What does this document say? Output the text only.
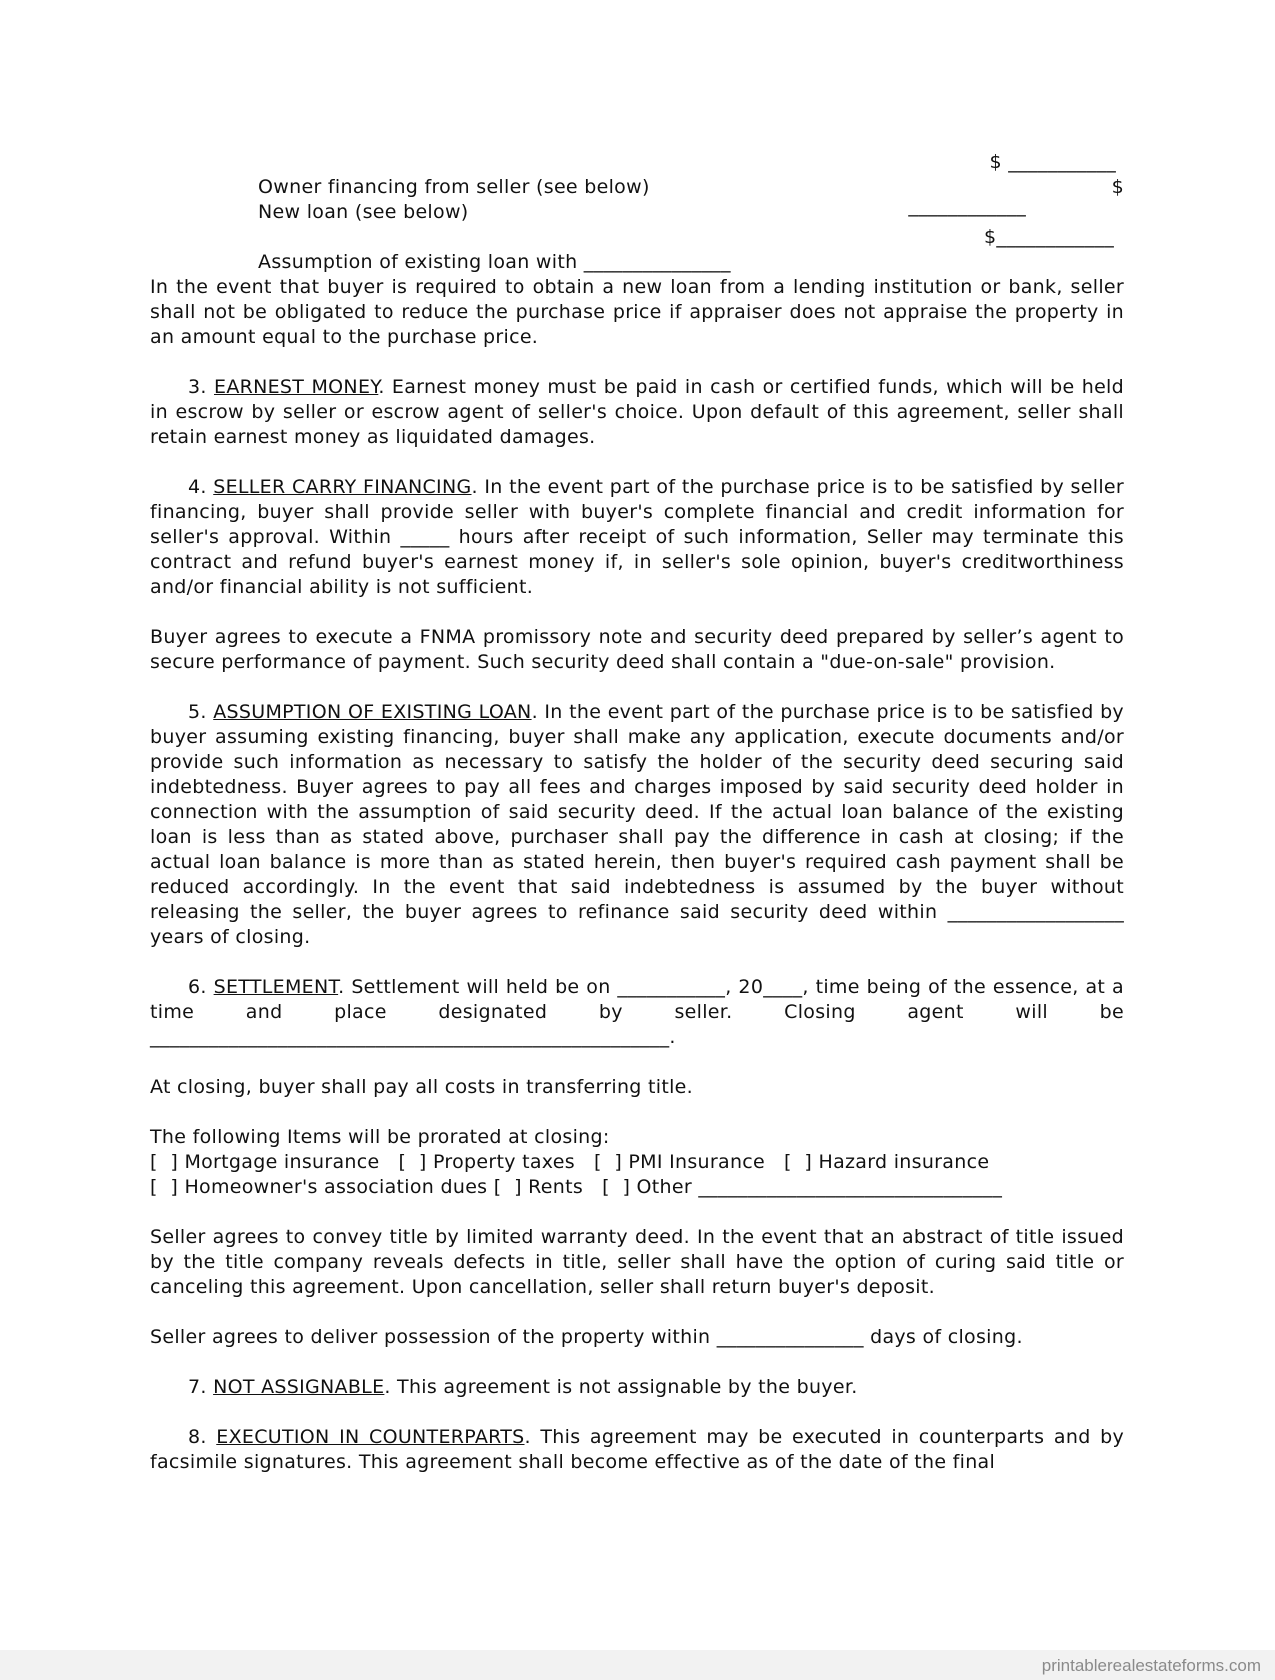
Owner financing from seller (see below)

$ ___________

New loan (see below)

$

____________

Assumption of existing loan with _______________

$____________

In the event that buyer is required to obtain a new loan from a lending institution or bank, seller shall not be obligated to reduce the purchase price if appraiser does not appraise the property in an amount equal to the purchase price.

3. EARNEST MONEY. Earnest money must be paid in cash or certified funds, which will be held in escrow by seller or escrow agent of seller's choice. Upon default of this agreement, seller shall retain earnest money as liquidated damages.

4. SELLER CARRY FINANCING. In the event part of the purchase price is to be satisfied by seller financing, buyer shall provide seller with buyer's complete financial and credit information for seller's approval. Within _____ hours after receipt of such information, Seller may terminate this contract and refund buyer's earnest money if, in seller's sole opinion, buyer's creditworthiness and/or financial ability is not sufficient.

Buyer agrees to execute a FNMA promissory note and security deed prepared by seller’s agent to secure performance of payment. Such security deed shall contain a "due-on-sale" provision.

5. ASSUMPTION OF EXISTING LOAN. In the event part of the purchase price is to be satisfied by buyer assuming existing financing, buyer shall make any application, execute documents and/or provide such information as necessary to satisfy the holder of the security deed securing said indebtedness. Buyer agrees to pay all fees and charges imposed by said security deed holder in connection with the assumption of said security deed. If the actual loan balance of the existing loan is less than as stated above, purchaser shall pay the difference in cash at closing; if the actual loan balance is more than as stated herein, then buyer's required cash payment shall be reduced accordingly. In the event that said indebtedness is assumed by the buyer without releasing the seller, the buyer agrees to refinance said security deed within __________________ years of closing.

6. SETTLEMENT. Settlement will held be on ___________, 20____, time being of the essence, at a time and place designated by seller. Closing agent will be _____________________________________________________.

At closing, buyer shall pay all costs in transferring title.

The following Items will be prorated at closing:
[  ] Mortgage insurance   [  ] Property taxes   [  ] PMI Insurance   [  ] Hazard insurance
[  ] Homeowner's association dues [  ] Rents   [  ] Other _______________________________

Seller agrees to convey title by limited warranty deed. In the event that an abstract of title issued by the title company reveals defects in title, seller shall have the option of curing said title or canceling this agreement. Upon cancellation, seller shall return buyer's deposit.

Seller agrees to deliver possession of the property within _______________ days of closing.

7. NOT ASSIGNABLE. This agreement is not assignable by the buyer.

8. EXECUTION IN COUNTERPARTS. This agreement may be executed in counterparts and by facsimile signatures. This agreement shall become effective as of the date of the final

printablerealestateforms.com
